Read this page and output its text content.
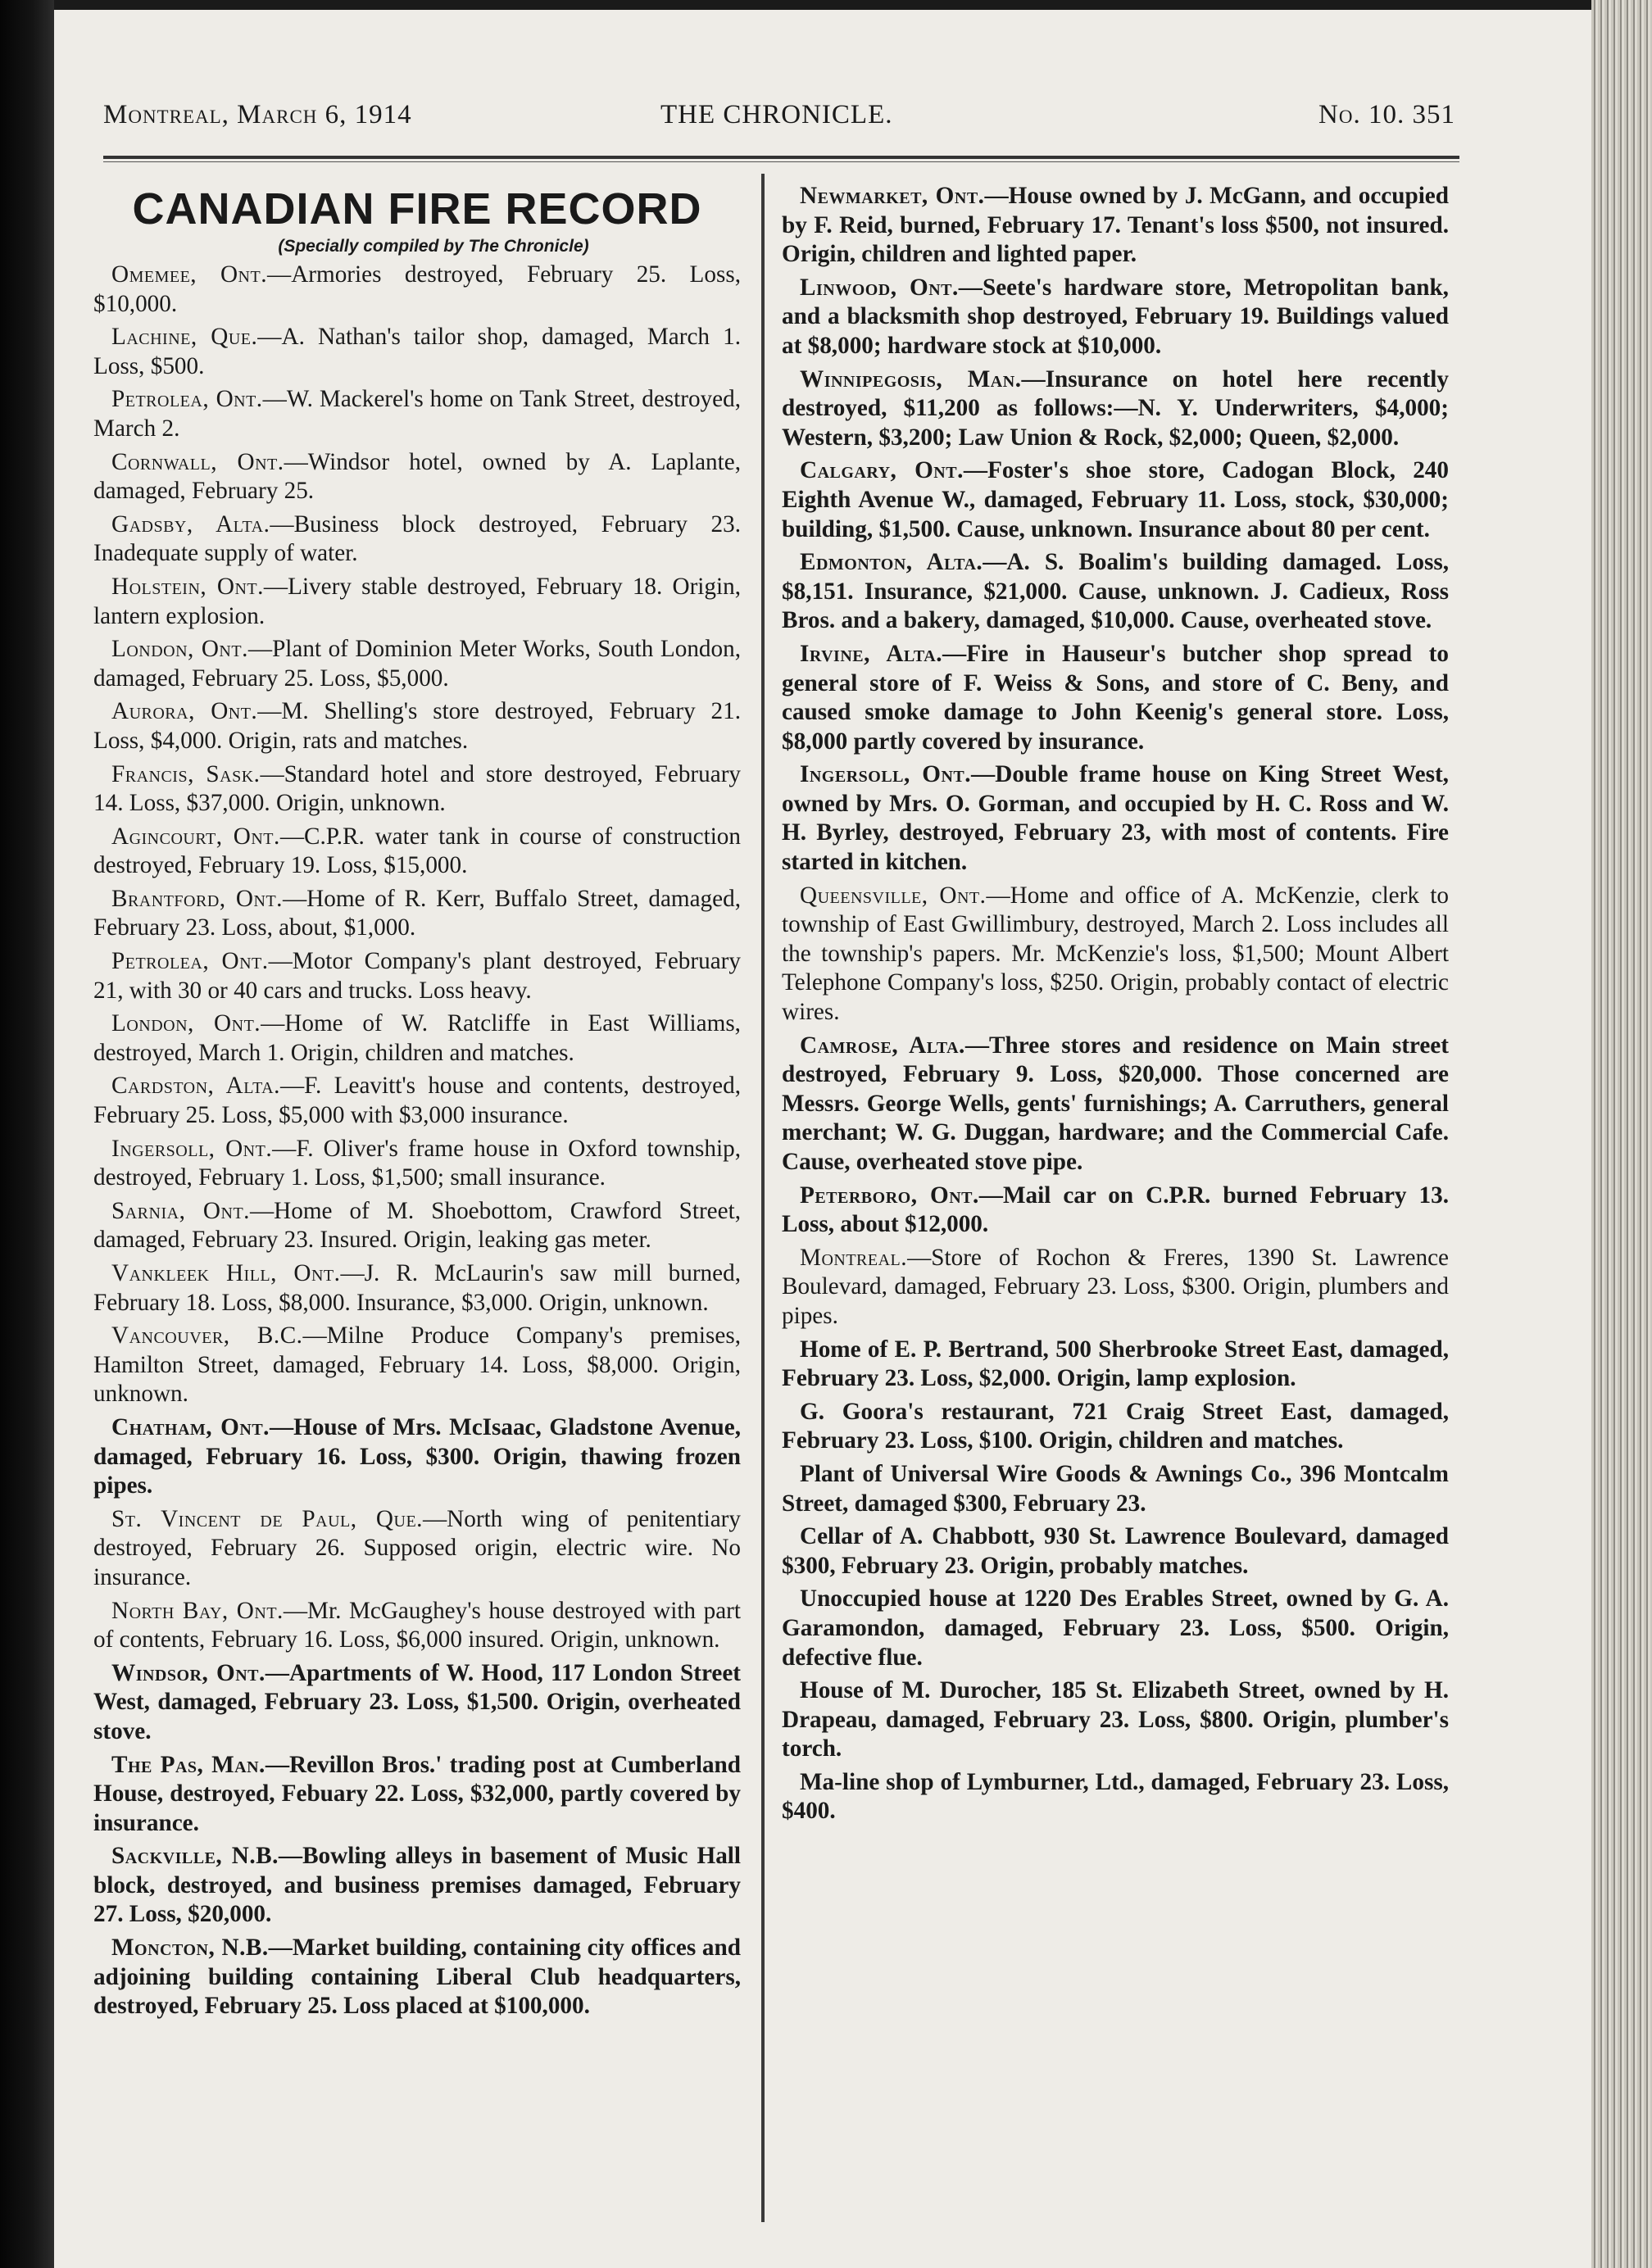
Montreal, March 6, 1914	THE CHRONICLE.	No. 10. 351
CANADIAN FIRE RECORD
(Specially compiled by The Chronicle)

Omemee, Ont.—Armories destroyed, February 25. Loss, $10,000.

Lachine, Que.—A. Nathan's tailor shop, damaged, March 1. Loss, $500.

Petrolea, Ont.—W. Mackerel's home on Tank Street, destroyed, March 2.

Cornwall, Ont.—Windsor hotel, owned by A. Laplante, damaged, February 25.

Gadsby, Alta.—Business block destroyed, February 23. Inadequate supply of water.

Holstein, Ont.—Livery stable destroyed, February 18. Origin, lantern explosion.

London, Ont.—Plant of Dominion Meter Works, South London, damaged, February 25. Loss, $5,000.

Aurora, Ont.—M. Shelling's store destroyed, February 21. Loss, $4,000. Origin, rats and matches.

Francis, Sask.—Standard hotel and store destroyed, February 14. Loss, $37,000. Origin, unknown.

Agincourt, Ont.—C.P.R. water tank in course of construction destroyed, February 19. Loss, $15,000.

Brantford, Ont.—Home of R. Kerr, Buffalo Street, damaged, February 23. Loss, about, $1,000.

Petrolea, Ont.—Motor Company's plant destroyed, February 21, with 30 or 40 cars and trucks. Loss heavy.

London, Ont.—Home of W. Ratcliffe in East Williams, destroyed, March 1. Origin, children and matches.

Cardston, Alta.—F. Leavitt's house and contents, destroyed, February 25. Loss, $5,000 with $3,000 insurance.

Ingersoll, Ont.—F. Oliver's frame house in Oxford township, destroyed, February 1. Loss, $1,500; small insurance.

Sarnia, Ont.—Home of M. Shoebottom, Crawford Street, damaged, February 23. Insured. Origin, leaking gas meter.

Vankleek Hill, Ont.—J. R. McLaurin's saw mill burned, February 18. Loss, $8,000. Insurance, $3,000. Origin, unknown.

Vancouver, B.C.—Milne Produce Company's premises, Hamilton Street, damaged, February 14. Loss, $8,000. Origin, unknown.

Chatham, Ont.—House of Mrs. McIsaac, Gladstone Avenue, damaged, February 16. Loss, $300. Origin, thawing frozen pipes.

St. Vincent de Paul, Que.—North wing of penitentiary destroyed, February 26. Supposed origin, electric wire. No insurance.

North Bay, Ont.—Mr. McGaughey's house destroyed with part of contents, February 16. Loss, $6,000 insured. Origin, unknown.

Windsor, Ont.—Apartments of W. Hood, 117 London Street West, damaged, February 23. Loss, $1,500. Origin, overheated stove.

The Pas, Man.—Revillon Bros.' trading post at Cumberland House, destroyed, Febuary 22. Loss, $32,000, partly covered by insurance.

Sackville, N.B.—Bowling alleys in basement of Music Hall block, destroyed, and business premises damaged, February 27. Loss, $20,000.

Moncton, N.B.—Market building, containing city offices and adjoining building containing Liberal Club headquarters, destroyed, February 25. Loss placed at $100,000.

Newmarket, Ont.—House owned by J. McGann, and occupied by F. Reid, burned, February 17. Tenant's loss $500, not insured. Origin, children and lighted paper.

Linwood, Ont.—Seete's hardware store, Metropolitan bank, and a blacksmith shop destroyed, February 19. Buildings valued at $8,000; hardware stock at $10,000.

Winnipegosis, Man.—Insurance on hotel here recently destroyed, $11,200 as follows:—N. Y. Underwriters, $4,000; Western, $3,200; Law Union & Rock, $2,000; Queen, $2,000.

Calgary, Ont.—Foster's shoe store, Cadogan Block, 240 Eighth Avenue W., damaged, February 11. Loss, stock, $30,000; building, $1,500. Cause, unknown. Insurance about 80 per cent.

Edmonton, Alta.—A. S. Boalim's building damaged. Loss, $8,151. Insurance, $21,000. Cause, unknown. J. Cadieux, Ross Bros. and a bakery, damaged, $10,000. Cause, overheated stove.

Irvine, Alta.—Fire in Hauseur's butcher shop spread to general store of F. Weiss & Sons, and store of C. Beny, and caused smoke damage to John Keenig's general store. Loss, $8,000 partly covered by insurance.

Ingersoll, Ont.—Double frame house on King Street West, owned by Mrs. O. Gorman, and occupied by H. C. Ross and W. H. Byrley, destroyed, February 23, with most of contents. Fire started in kitchen.

Queensville, Ont.—Home and office of A. McKenzie, clerk to township of East Gwillimbury, destroyed, March 2. Loss includes all the township's papers. Mr. McKenzie's loss, $1,500; Mount Albert Telephone Company's loss, $250. Origin, probably contact of electric wires.

Camrose, Alta.—Three stores and residence on Main street destroyed, February 9. Loss, $20,000. Those concerned are Messrs. George Wells, gents' furnishings; A. Carruthers, general merchant; W. G. Duggan, hardware; and the Commercial Cafe. Cause, overheated stove pipe.

Peterboro, Ont.—Mail car on C.P.R. burned February 13. Loss, about $12,000.

Montreal.—Store of Rochon & Freres, 1390 St. Lawrence Boulevard, damaged, February 23. Loss, $300. Origin, plumbers and pipes.

Home of E. P. Bertrand, 500 Sherbrooke Street East, damaged, February 23. Loss, $2,000. Origin, lamp explosion.

G. Goora's restaurant, 721 Craig Street East, damaged, February 23. Loss, $100. Origin, children and matches.

Plant of Universal Wire Goods & Awnings Co., 396 Montcalm Street, damaged $300, February 23.

Cellar of A. Chabbott, 930 St. Lawrence Boulevard, damaged $300, February 23. Origin, probably matches.

Unoccupied house at 1220 Des Erables Street, owned by G. A. Garamondon, damaged, February 23. Loss, $500. Origin, defective flue.

House of M. Durocher, 185 St. Elizabeth Street, owned by H. Drapeau, damaged, February 23. Loss, $800. Origin, plumber's torch.

Ma‐line shop of Lymburner, Ltd., damaged, February 23. Loss, $400.
